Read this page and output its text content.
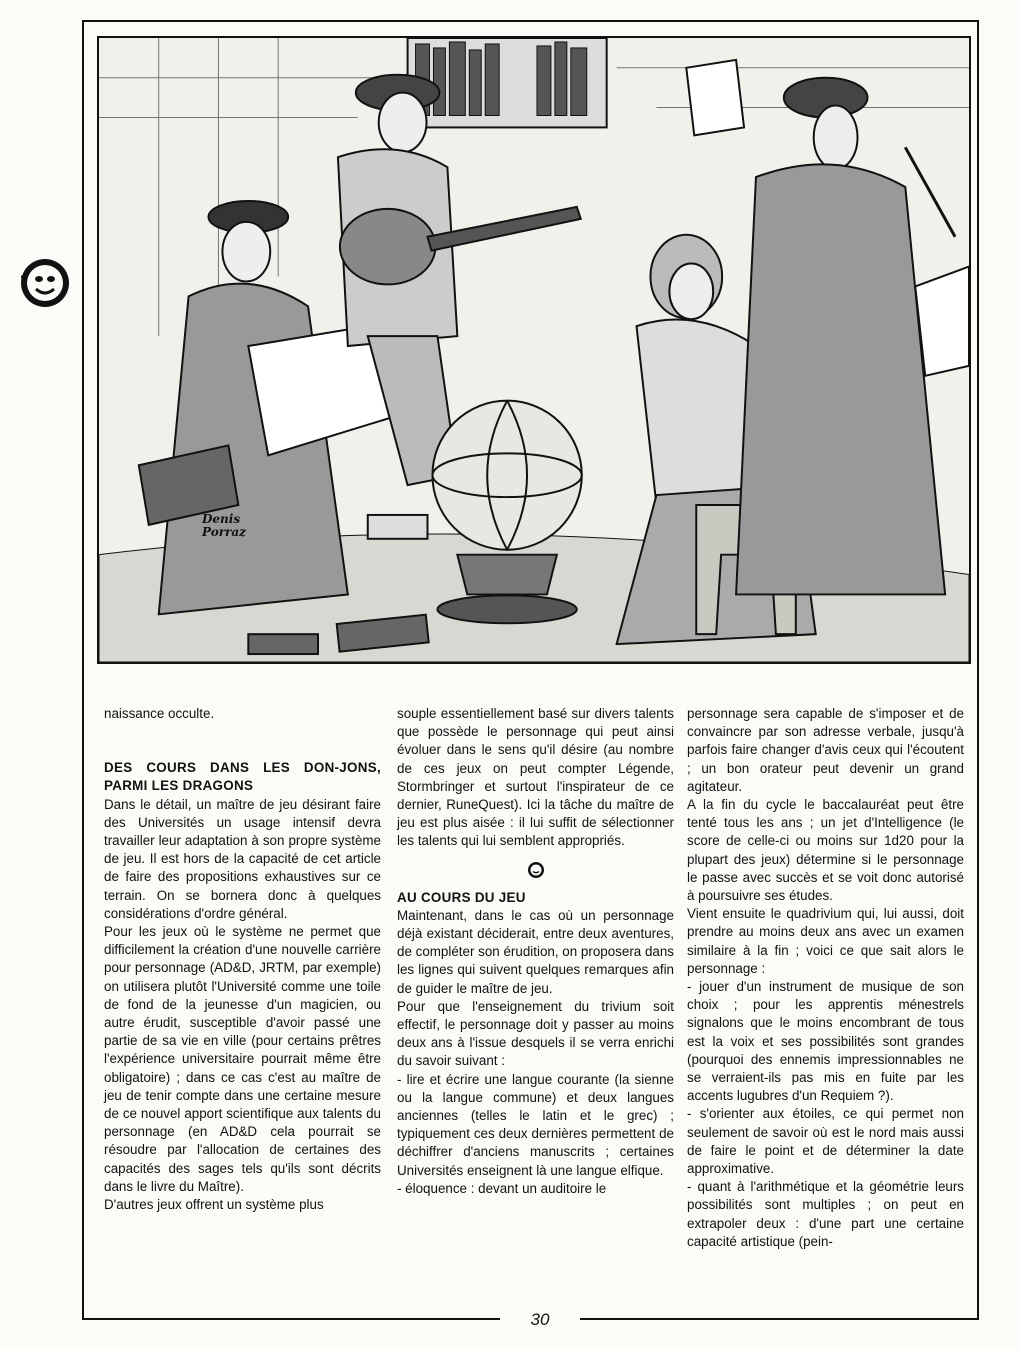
Denis
Porraz

naissance occulte.

DES COURS DANS LES DON-JONS, PARMI LES DRAGONS

Dans le détail, un maître de jeu désirant faire des Universités un usage intensif devra travailler leur adaptation à son propre système de jeu. Il est hors de la capacité de cet article de faire des propositions exhaustives sur ce terrain. On se bornera donc à quelques considérations d'ordre général.

Pour les jeux où le système ne permet que difficilement la création d'une nouvelle carrière pour personnage (AD&D, JRTM, par exemple) on utilisera plutôt l'Université comme une toile de fond de la jeunesse d'un magicien, ou autre érudit, susceptible d'avoir passé une partie de sa vie en ville (pour certains prêtres l'expérience universitaire pourrait même être obligatoire) ; dans ce cas c'est au maître de jeu de tenir compte dans une certaine mesure de ce nouvel apport scientifique aux talents du personnage (en AD&D cela pourrait se résoudre par l'allocation de certaines des capacités des sages tels qu'ils sont décrits dans le livre du Maître).

D'autres jeux offrent un système plus

souple essentiellement basé sur divers talents que possède le personnage qui peut ainsi évoluer dans le sens qu'il désire (au nombre de ces jeux on peut compter Légende, Stormbringer et surtout l'inspirateur de ce dernier, RuneQuest). Ici la tâche du maître de jeu est plus aisée : il lui suffit de sélectionner les talents qui lui semblent appropriés.

AU COURS DU JEU

Maintenant, dans le cas où un personnage déjà existant déciderait, entre deux aventures, de compléter son érudition, on proposera dans les lignes qui suivent quelques remarques afin de guider le maître de jeu.

Pour que l'enseignement du trivium soit effectif, le personnage doit y passer au moins deux ans à l'issue desquels il se verra enrichi du savoir suivant :

- lire et écrire une langue courante (la sienne ou la langue commune) et deux langues anciennes (telles le latin et le grec) ; typiquement ces deux dernières permettent de déchiffrer d'anciens manuscrits ; certaines Universités enseignent là une langue elfique.

- éloquence : devant un auditoire le

personnage sera capable de s'imposer et de convaincre par son adresse verbale, jusqu'à parfois faire changer d'avis ceux qui l'écoutent ; un bon orateur peut devenir un grand agitateur.

A la fin du cycle le baccalauréat peut être tenté tous les ans ; un jet d'Intelligence (le score de celle-ci ou moins sur 1d20 pour la plupart des jeux) détermine si le personnage le passe avec succès et se voit donc autorisé à poursuivre ses études.

Vient ensuite le quadrivium qui, lui aussi, doit prendre au moins deux ans avec un examen similaire à la fin ; voici ce que sait alors le personnage :

- jouer d'un instrument de musique de son choix ; pour les apprentis ménestrels signalons que le moins encombrant de tous est la voix et ses possibilités sont grandes (pourquoi des ennemis impressionnables ne se verraient-ils pas mis en fuite par les accents lugubres d'un Requiem ?).

- s'orienter aux étoiles, ce qui permet non seulement de savoir où est le nord mais aussi de faire le point et de déterminer la date approximative.

- quant à l'arithmétique et la géométrie leurs possibilités sont multiples ; on peut en extrapoler deux : d'une part une certaine capacité artistique (pein-

30
